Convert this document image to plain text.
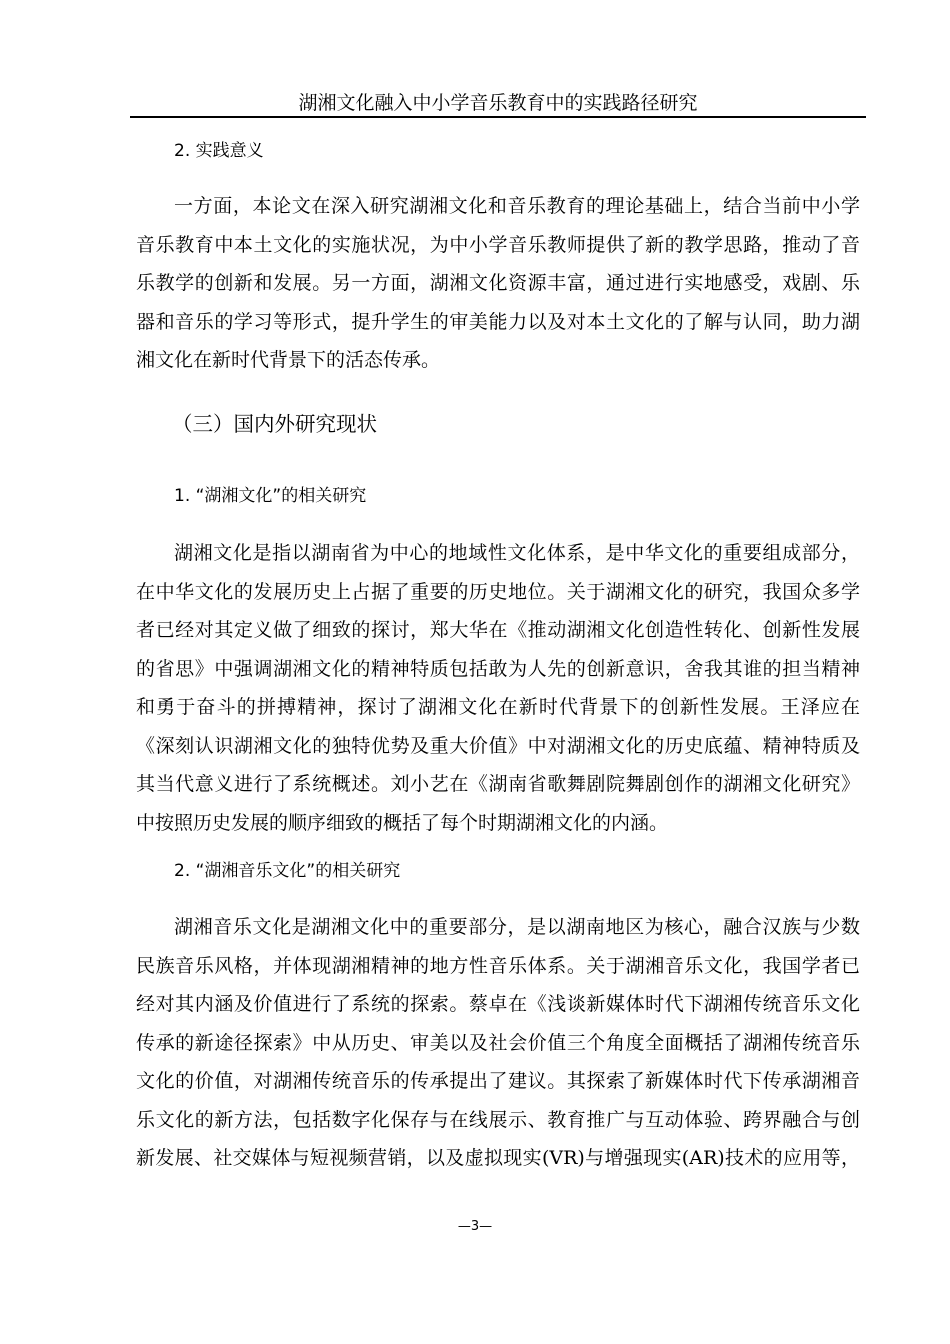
湖湘文化融入中小学音乐教育中的实践路径研究
2. 实践意义
一方面，本论文在深入研究湖湘文化和音乐教育的理论基础上，结合当前中小学
音乐教育中本土文化的实施状况，为中小学音乐教师提供了新的教学思路，推动了音
乐教学的创新和发展。另一方面，湖湘文化资源丰富，通过进行实地感受，戏剧、乐
器和音乐的学习等形式，提升学生的审美能力以及对本土文化的了解与认同，助力湖
湘文化在新时代背景下的活态传承。
（三）国内外研究现状
1. “湖湘文化”的相关研究
湖湘文化是指以湖南省为中心的地域性文化体系，是中华文化的重要组成部分，
在中华文化的发展历史上占据了重要的历史地位。关于湖湘文化的研究，我国众多学
者已经对其定义做了细致的探讨，郑大华在《推动湖湘文化创造性转化、创新性发展
的省思》中强调湖湘文化的精神特质包括敢为人先的创新意识，舍我其谁的担当精神
和勇于奋斗的拼搏精神，探讨了湖湘文化在新时代背景下的创新性发展。王泽应在
《深刻认识湖湘文化的独特优势及重大价值》中对湖湘文化的历史底蕴、精神特质及
其当代意义进行了系统概述。刘小艺在《湖南省歌舞剧院舞剧创作的湖湘文化研究》
中按照历史发展的顺序细致的概括了每个时期湖湘文化的内涵。
2. “湖湘音乐文化”的相关研究
湖湘音乐文化是湖湘文化中的重要部分，是以湖南地区为核心，融合汉族与少数
民族音乐风格，并体现湖湘精神的地方性音乐体系。关于湖湘音乐文化，我国学者已
经对其内涵及价值进行了系统的探索。蔡卓在《浅谈新媒体时代下湖湘传统音乐文化
传承的新途径探索》中从历史、审美以及社会价值三个角度全面概括了湖湘传统音乐
文化的价值，对湖湘传统音乐的传承提出了建议。其探索了新媒体时代下传承湖湘音
乐文化的新方法，包括数字化保存与在线展示、教育推广与互动体验、跨界融合与创
新发展、社交媒体与短视频营销，以及虚拟现实(VR)与增强现实(AR)技术的应用等，
—3—
